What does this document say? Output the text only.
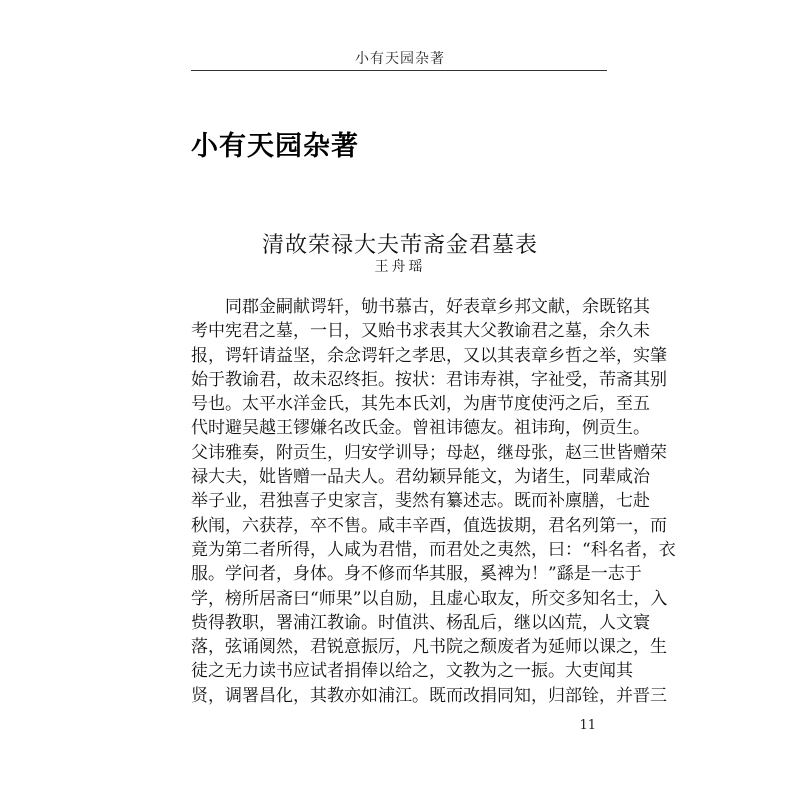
小有天园杂著
小有天园杂著
清故荣禄大夫芾斋金君墓表
王舟瑶
　　同郡金嗣献谔轩，劬书慕古，好表章乡邦文献，余既铭其
考中宪君之墓，一日，又贻书求表其大父教谕君之墓，余久未
报，谔轩请益坚，余念谔轩之孝思，又以其表章乡哲之举，实肇
始于教谕君，故未忍终拒。按状：君讳寿祺，字祉受，芾斋其别
号也。太平水洋金氏，其先本氏刘，为唐节度使沔之后，至五
代时避吴越王镠嫌名改氏金。曾祖讳德友。祖讳珣，例贡生。
父讳雅奏，附贡生，归安学训导；母赵，继母张，赵三世皆赠荣
禄大夫，妣皆赠一品夫人。君幼颖异能文，为诸生，同辈咸治
举子业，君独喜子史家言，斐然有纂述志。既而补廪膳，七赴
秋闱，六获荐，卒不售。咸丰辛酉，值选拔期，君名列第一，而
竟为第二者所得，人咸为君惜，而君处之夷然，曰：“科名者，衣
服。学问者，身体。身不修而华其服，奚裨为！”繇是一志于
学，榜所居斋曰“师果”以自励，且虚心取友，所交多知名士，入
赀得教职，署浦江教谕。时值洪、杨乱后，继以凶荒，人文寰
落，弦诵阒然，君锐意振厉，凡书院之颓废者为延师以课之，生
徒之无力读书应试者捐俸以给之，文教为之一振。大吏闻其
贤，调署昌化，其教亦如浦江。既而改捐同知，归部铨，并晋三
11
